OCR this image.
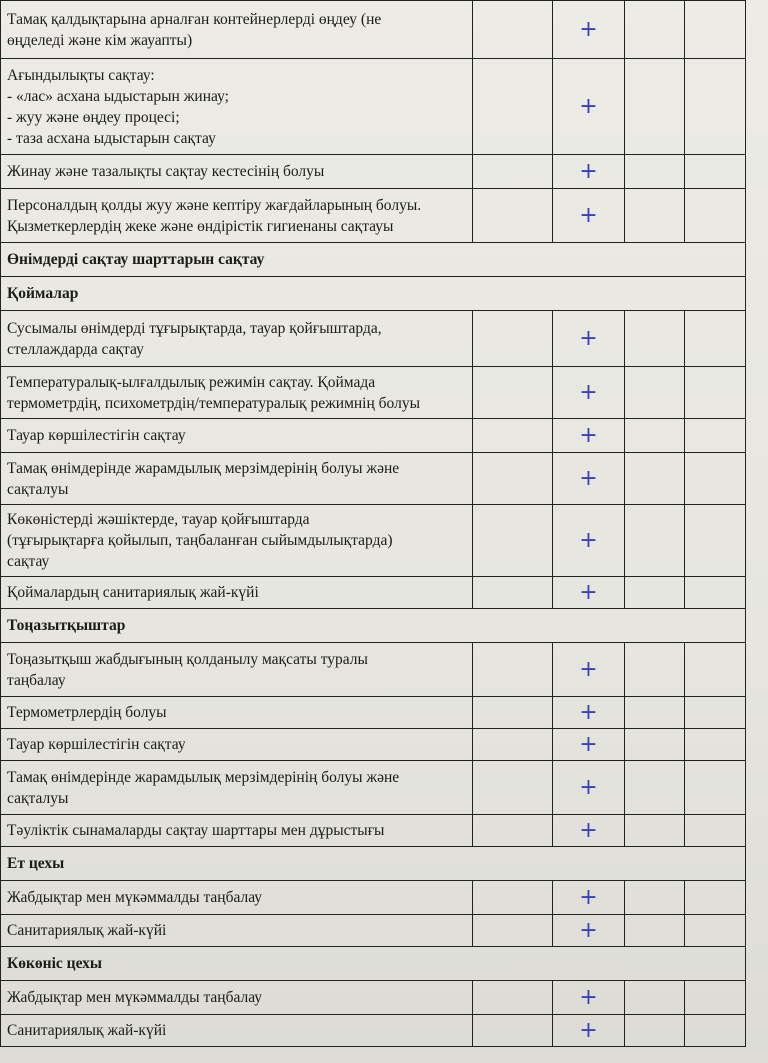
Тамақ қалдықтарына арналған контейнерлерді өңдеу (не
өңделеді және кім жауапты)		+		

Ағындылықты сақтау:
- «лас» асхана ыдыстарын жинау;
- жуу және өңдеу процесі;
- таза асхана ыдыстарын сақтау		+		

Жинау және тазалықты сақтау кестесінің болуы		+		

Персоналдың қолды жуу және кептіру жағдайларының болуы.
Қызметкерлердің жеке және өндірістік гигиенаны сақтауы		+		
Өнімдерді сақтау шарттарын сақтау				
Қоймалар				

Сусымалы өнімдерді тұғырықтарда, тауар қойғыштарда,
стеллаждарда сақтау		+		

Температуралық-ылғалдылық режимін сақтау. Қоймада
термометрдің, психометрдің/температуралық режимнің болуы		+		

Тауар көршілестігін сақтау		+		

Тамақ өнімдерінде жарамдылық мерзімдерінің болуы және
сақталуы		+		

Көкөністерді жәшіктерде, тауар қойғыштарда
(тұғырықтарға қойылып, таңбаланған сыйымдылықтарда)
сақтау		+		

Қоймалардың санитариялық жай-күйі		+		
Тоңазытқыштар				

Тоңазытқыш жабдығының қолданылу мақсаты туралы
таңбалау		+		

Термометрлердің болуы		+		

Тауар көршілестігін сақтау		+		

Тамақ өнімдерінде жарамдылық мерзімдерінің болуы және
сақталуы		+		

Тәуліктік сынамаларды сақтау шарттары мен дұрыстығы		+		
Ет цехы				

Жабдықтар мен мүкәммалды таңбалау		+		

Санитариялық жай-күйі		+		
Көкөніс цехы				

Жабдықтар мен мүкәммалды таңбалау		+		

Санитариялық жай-күйі		+		
